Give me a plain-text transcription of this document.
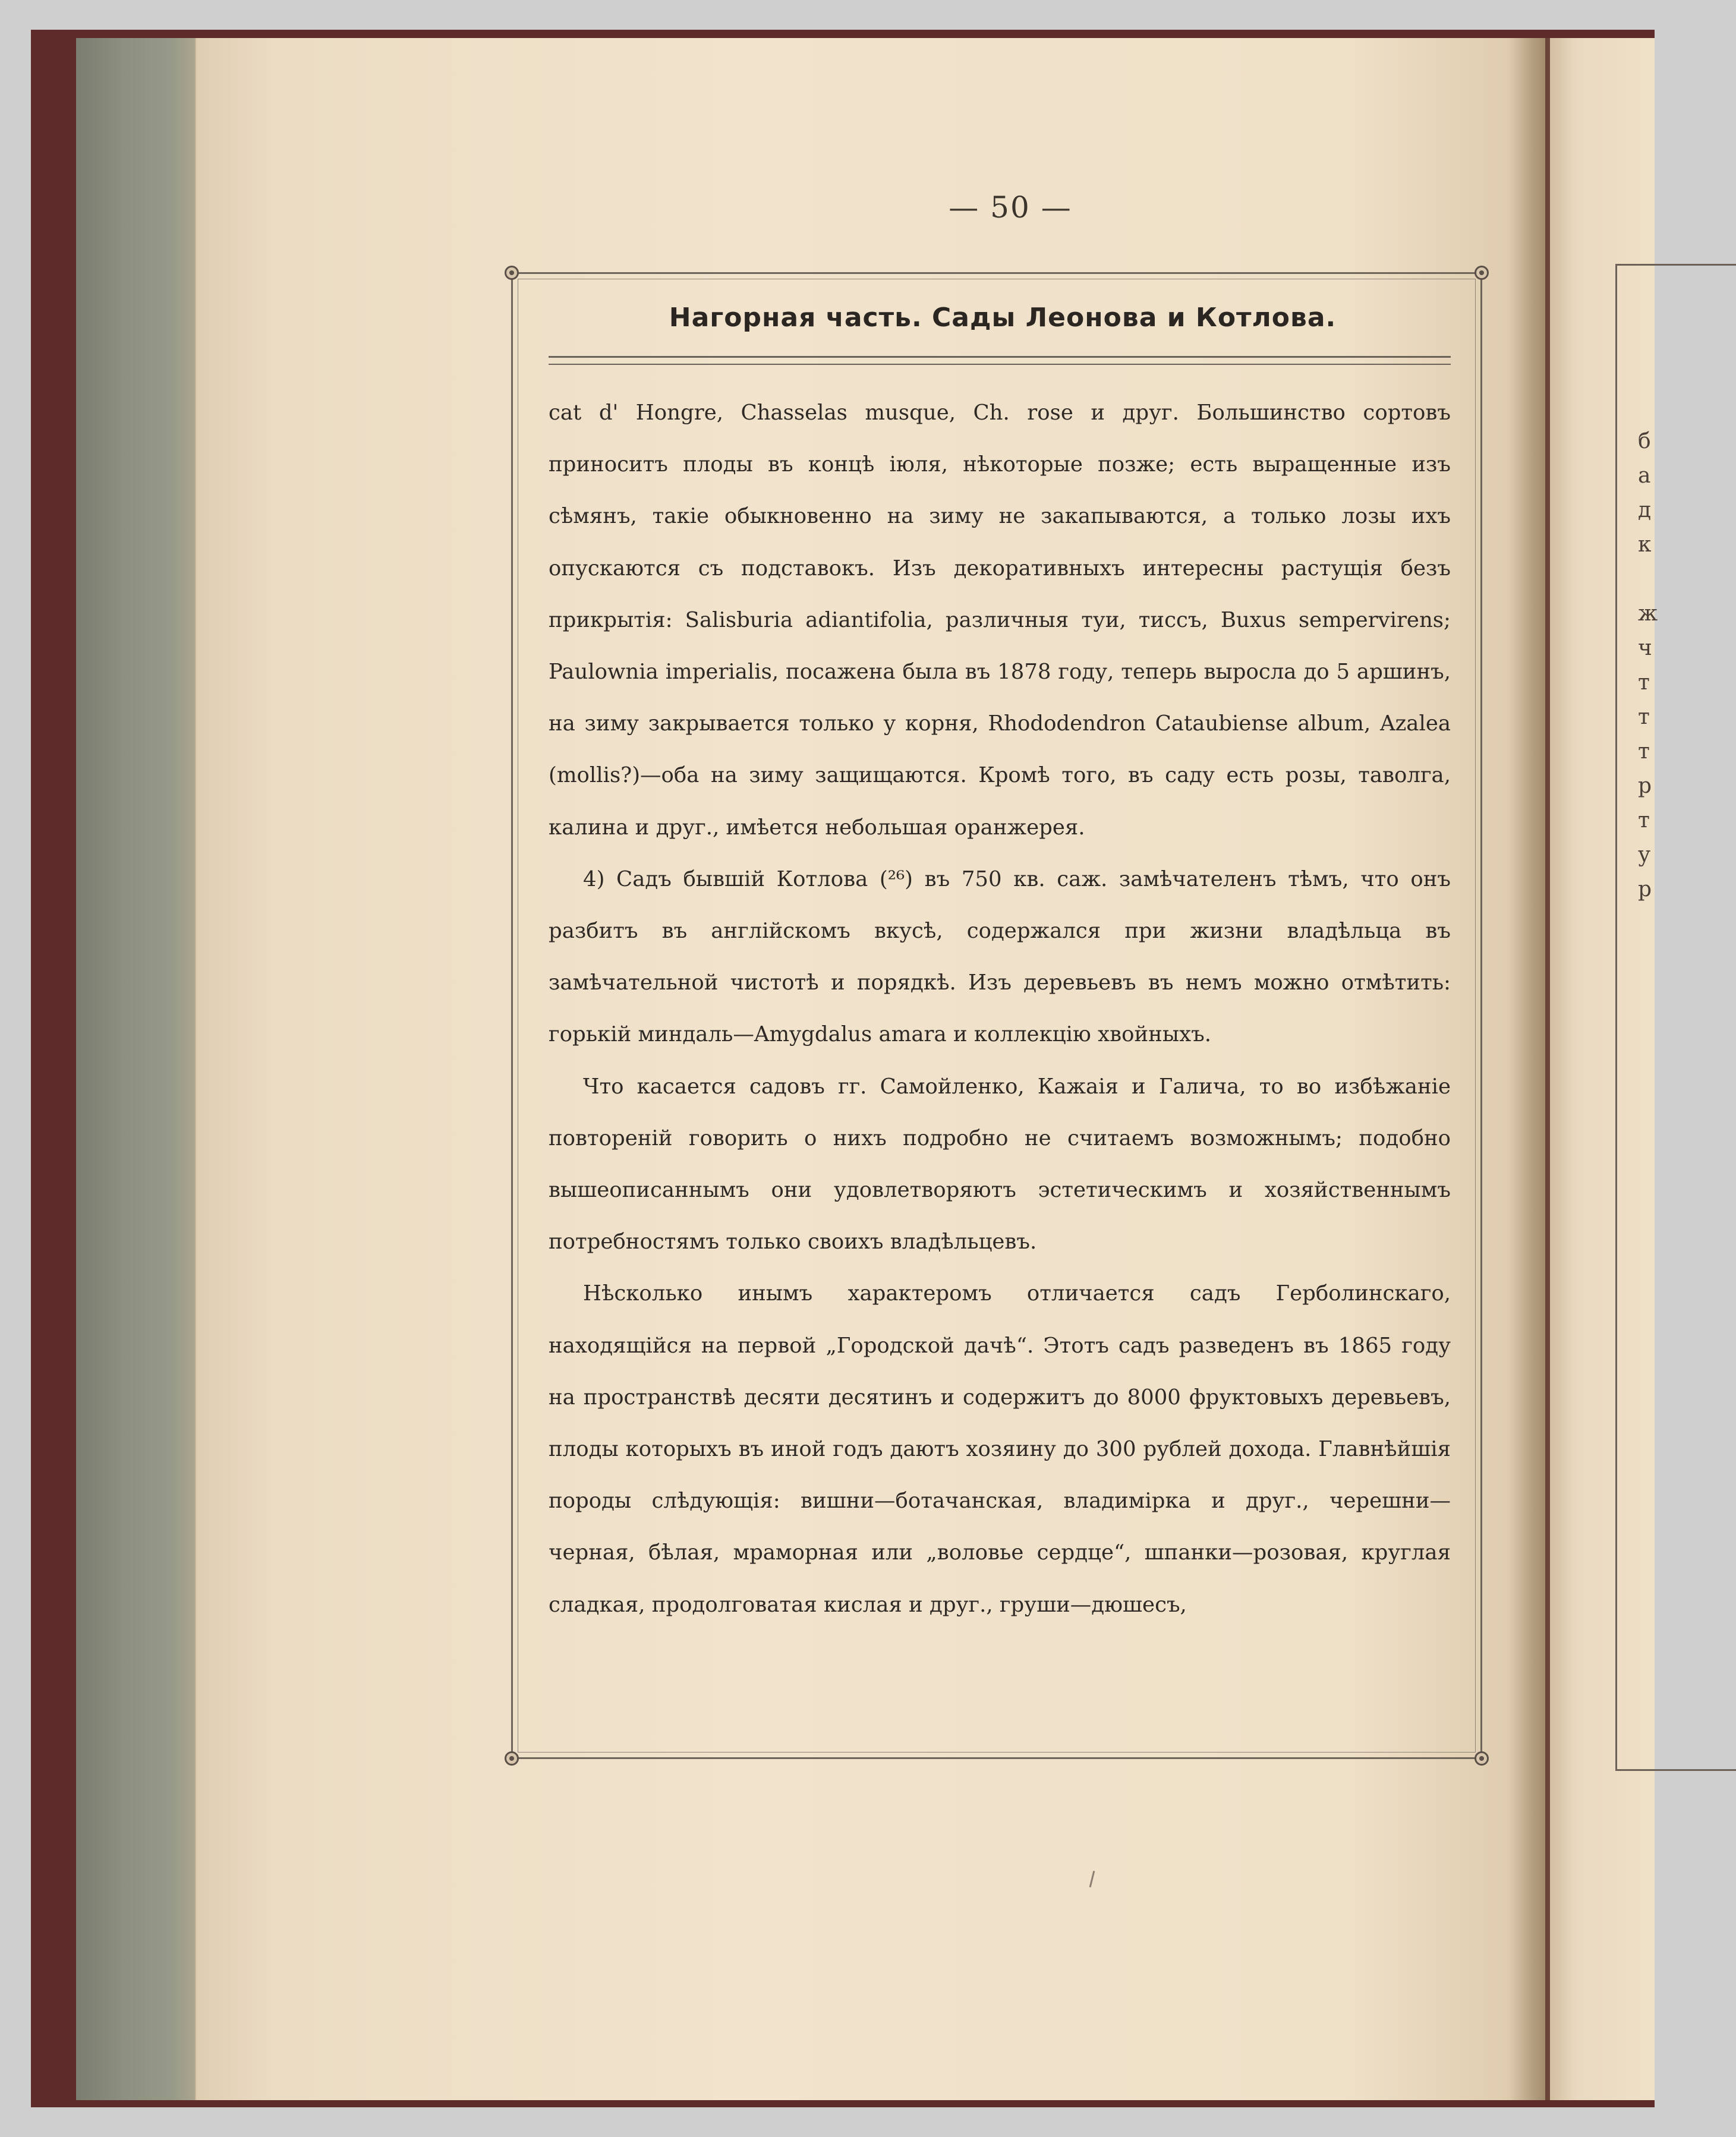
б
а
д
к

ж
ч
т
т
т
р
т
у
р
— 50 —
Нагорная часть. Сады Леонова и Котлова.

cat d' Hongre, Chasselas musque, Ch. rose и друг. Большинство сортовъ приноситъ плоды въ концѣ іюля, нѣкоторые позже; есть выращенные изъ сѣмянъ, такіе обыкновенно на зиму не закапываются, а только лозы ихъ опускаются съ подставокъ. Изъ декоративныхъ интересны растущія безъ прикрытія: Salisburia adiantifolia, различныя туи, тиссъ, Buxus sempervirens; Paulownia imperialis, посажена была въ 1878 году, теперь выросла до 5 аршинъ, на зиму закрывается только у корня, Rhododendron Cataubiense album, Azalea (mollis?)—оба на зиму защищаются. Кромѣ того, въ саду есть розы, таволга, калина и друг., имѣется небольшая оранжерея.

4) Садъ бывшій Котлова (²⁶) въ 750 кв. саж. замѣчателенъ тѣмъ, что онъ разбитъ въ англійскомъ вкусѣ, содержался при жизни владѣльца въ замѣчательной чистотѣ и порядкѣ. Изъ деревьевъ въ немъ можно отмѣтить: горькій миндаль—Amygdalus amara и коллекцію хвойныхъ.

Что касается садовъ гг. Самойленко, Кажаія и Галича, то во избѣжаніе повтореній говорить о нихъ подробно не считаемъ возможнымъ; подобно вышеописаннымъ они удовлетворяютъ эстетическимъ и хозяйственнымъ потребностямъ только своихъ владѣльцевъ.

Нѣсколько инымъ характеромъ отличается садъ Герболинскаго, находящійся на первой „Городской дачѣ“. Этотъ садъ разведенъ въ 1865 году на пространствѣ десяти десятинъ и содержитъ до 8000 фруктовыхъ деревьевъ, плоды которыхъ въ иной годъ даютъ хозяину до 300 рублей дохода. Главнѣйшія породы слѣдующія: вишни—ботачанская, владимірка и друг., черешни—черная, бѣлая, мраморная или „воловье сердце“, шпанки—розовая, круглая сладкая, продолговатая кислая и друг., груши—дюшесъ,
